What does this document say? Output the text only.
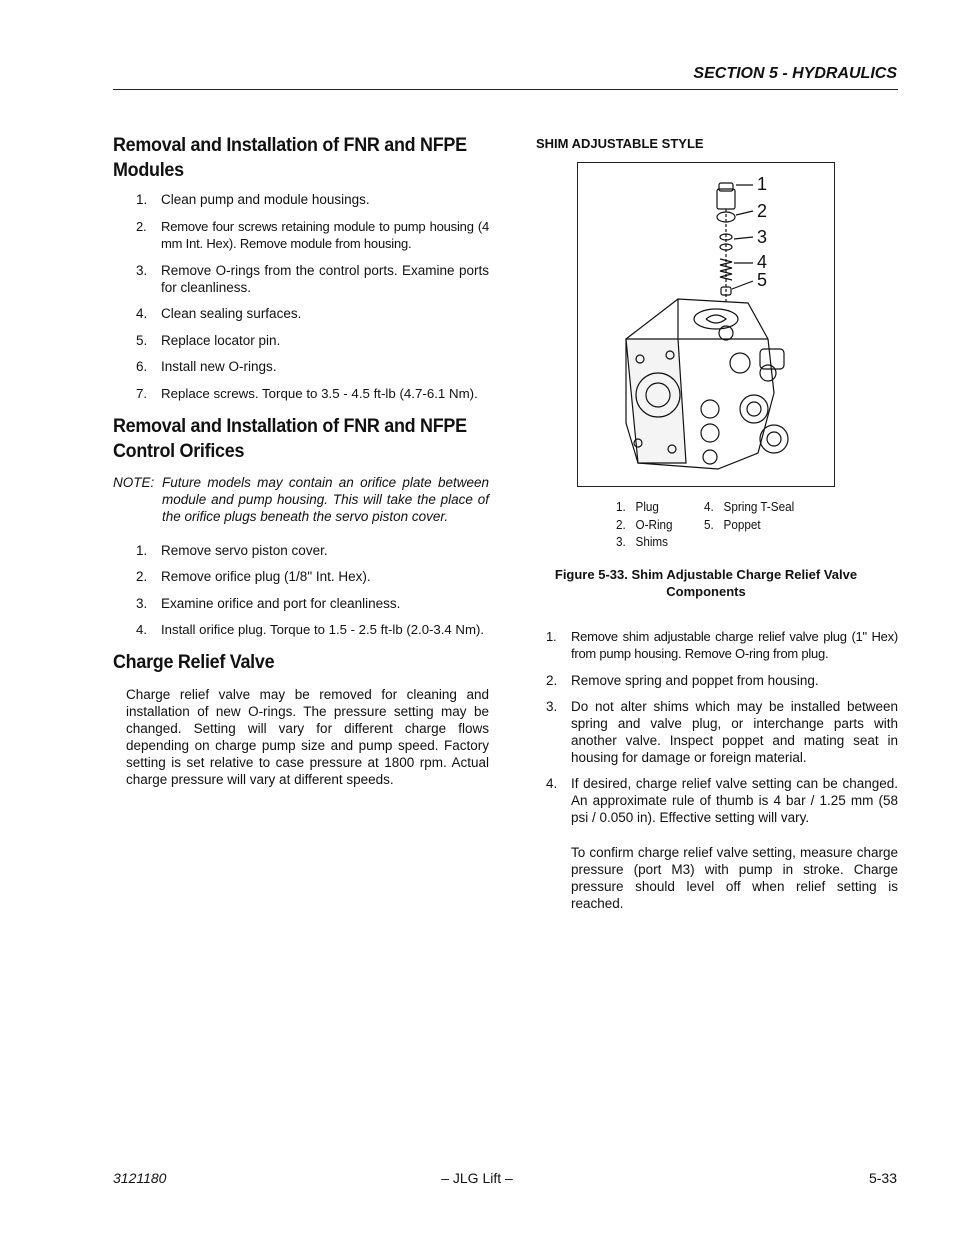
SECTION 5 - HYDRAULICS
Removal and Installation of FNR and NFPE Modules
1. Clean pump and module housings.
2. Remove four screws retaining module to pump housing (4 mm Int. Hex). Remove module from housing.
3. Remove O-rings from the control ports. Examine ports for cleanliness.
4. Clean sealing surfaces.
5. Replace locator pin.
6. Install new O-rings.
7. Replace screws. Torque to 3.5 - 4.5 ft-lb (4.7-6.1 Nm).
Removal and Installation of FNR and NFPE Control Orifices
NOTE: Future models may contain an orifice plate between module and pump housing. This will take the place of the orifice plugs beneath the servo piston cover.
1. Remove servo piston cover.
2. Remove orifice plug (1/8" Int. Hex).
3. Examine orifice and port for cleanliness.
4. Install orifice plug. Torque to 1.5 - 2.5 ft-lb (2.0-3.4 Nm).
Charge Relief Valve

Charge relief valve may be removed for cleaning and installation of new O-rings. The pressure setting may be changed. Setting will vary for different charge flows depending on charge pump size and pump speed. Factory setting is set relative to case pressure at 1800 rpm. Actual charge pressure will vary at different speeds.

SHIM ADJUSTABLE STYLE
1
2
3
4
5
1.   Plug
2.   O-Ring
3.   Shims
4.   Spring T-Seal
5.   Poppet
Figure 5-33. Shim Adjustable Charge Relief Valve
Components
1. Remove shim adjustable charge relief valve plug (1" Hex) from pump housing. Remove O-ring from plug.
2. Remove spring and poppet from housing.
3. Do not alter shims which may be installed between spring and valve plug, or interchange parts with another valve. Inspect poppet and mating seat in housing for damage or foreign material.
4. If desired, charge relief valve setting can be changed. An approximate rule of thumb is 4 bar / 1.25 mm (58 psi / 0.050 in). Effective setting will vary.

To confirm charge relief valve setting, measure charge pressure (port M3) with pump in stroke. Charge pressure should level off when relief setting is reached.

3121180	– JLG Lift –	5-33
